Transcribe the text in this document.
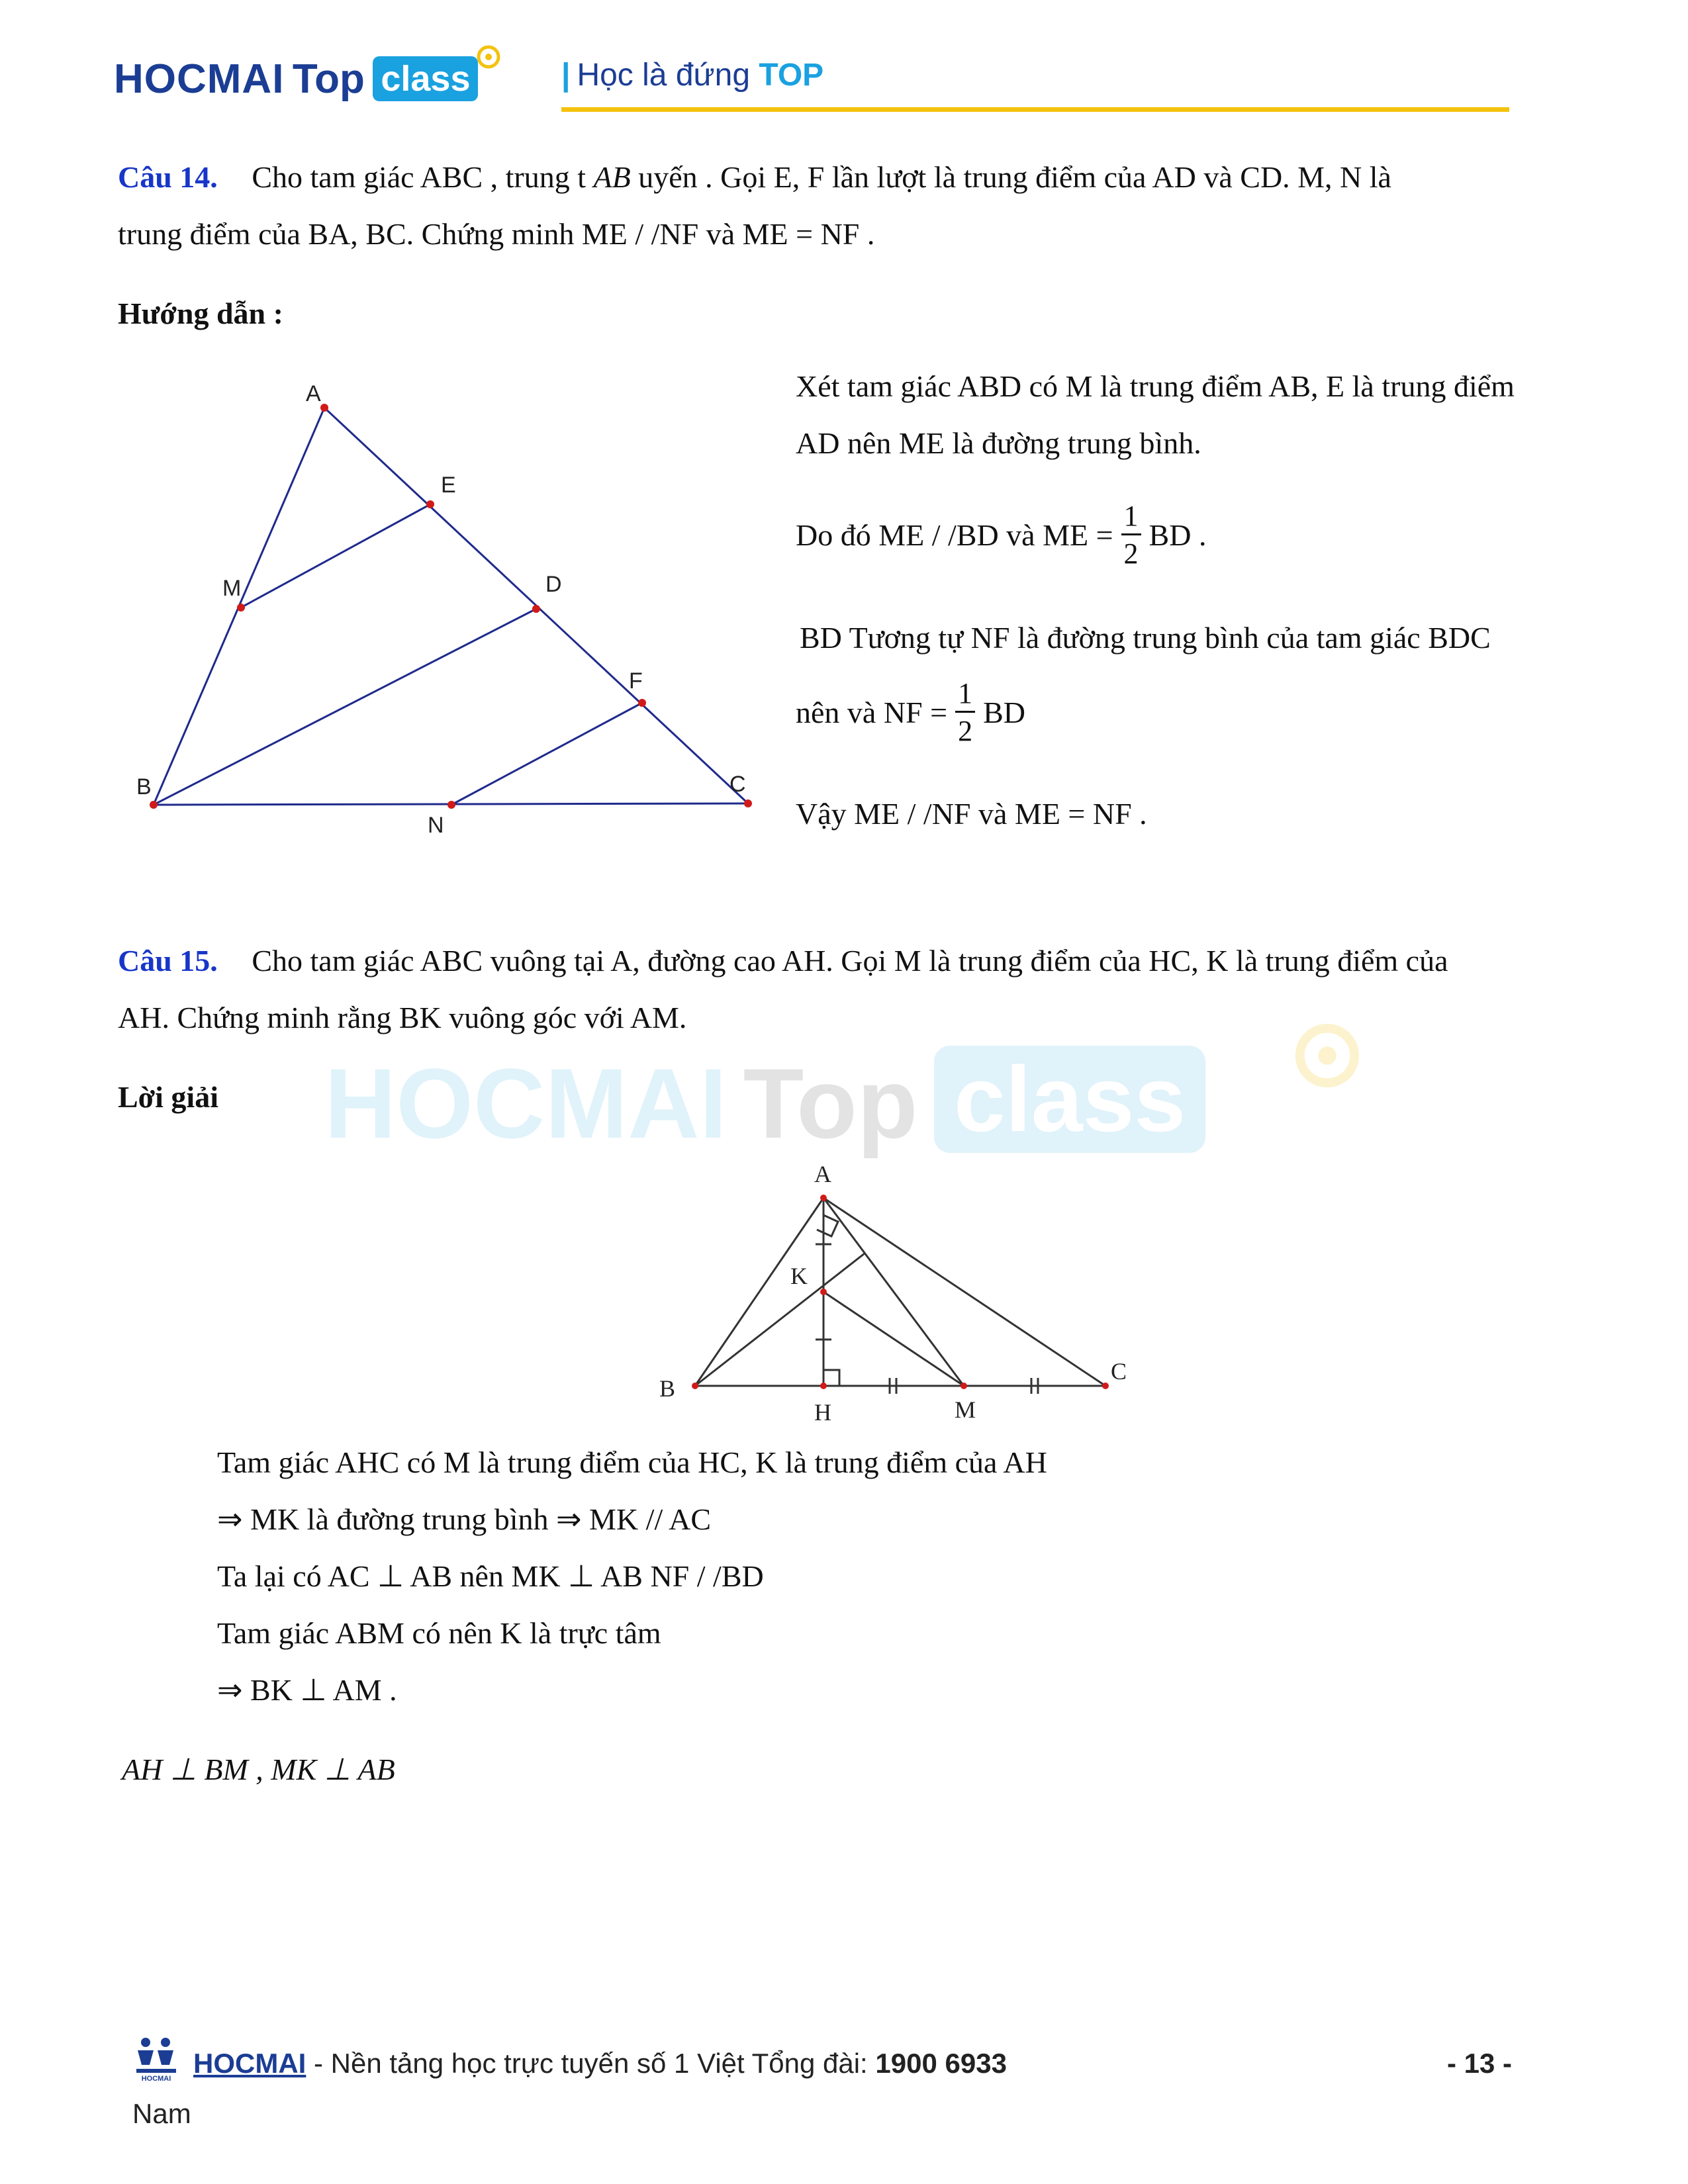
HOCMAI Top class	| Học là đứng TOP
Câu 14. Cho tam giác ABC , trung t AB uyến . Gọi E, F lần lượt là trung điểm của AD và CD. M, N là
trung điểm của BA, BC. Chứng minh ME / /NF và ME = NF .
Hướng dẫn :
A
E
M	D
F
B	C
N
Xét tam giác ABD có M là trung điểm AB, E là trung điểm
AD nên ME là đường trung bình.
Do đó ME / /BD và ME = $\frac{1}{2}$ BD .
BD Tương tự NF là đường trung bình của tam giác BDC
nên và NF = $\frac{1}{2}$ BD
Vậy ME / /NF và ME = NF .
Câu 15. Cho tam giác ABC vuông tại A, đường cao AH. Gọi M là trung điểm của HC, K là trung điểm của
AH. Chứng minh rằng BK vuông góc với AM.
HOCMAI Top class
Lời giải
A
K
B
H	M
C
Tam giác AHC có M là trung điểm của HC, K là trung điểm của AH
⇒ MK là đường trung bình ⇒ MK // AC
Ta lại có AC ⊥ AB nên MK ⊥ AB NF / /BD
Tam giác ABM có nên K là trực tâm
⇒ BK ⊥ AM .
AH ⊥ BM , MK ⊥ AB
HOCMAI HOCMAI - Nền tảng học trực tuyến số 1 Việt Tổng đài: 1900 6933
Nam
- 13 -
